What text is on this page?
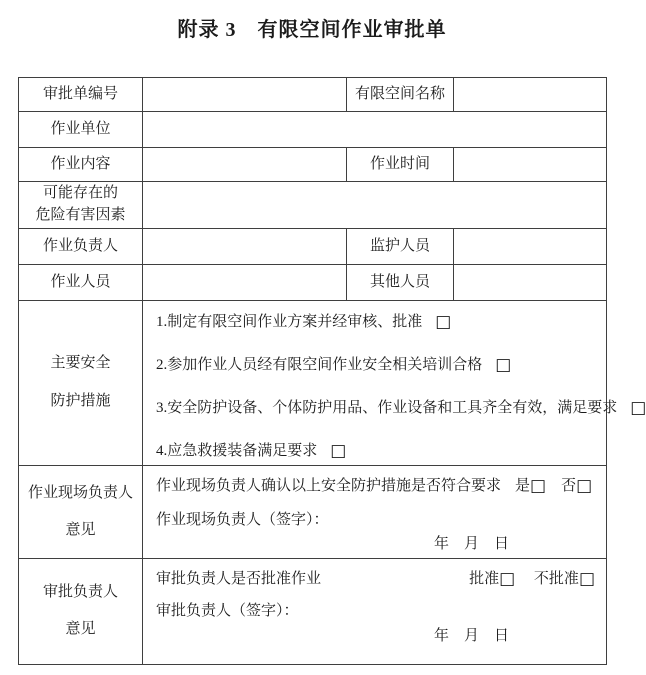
附录 3　有限空间作业审批单
审批单编号		有限空间名称	
作业单位			
作业内容		作业时间	

可能存在的
危险有害因素			

作业负责人		监护人员	
作业人员		其他人员	

主要安全
防护措施

1.制定有限空间作业方案并经审核、批准 □
2.参加作业人员经有限空间作业安全相关培训合格 □
3.安全防护设备、个体防护用品、作业设备和工具齐全有效，满足要求 □
4.应急救援装备满足要求 □

作业现场负责人
意见

作业现场负责人确认以上安全防护措施是否符合要求 是□ 否□
作业现场负责人（签字）：
年　月　日

审批负责人
意见

审批负责人是否批准作业	批准□ 不批准□
审批负责人（签字）：
年　月　日
